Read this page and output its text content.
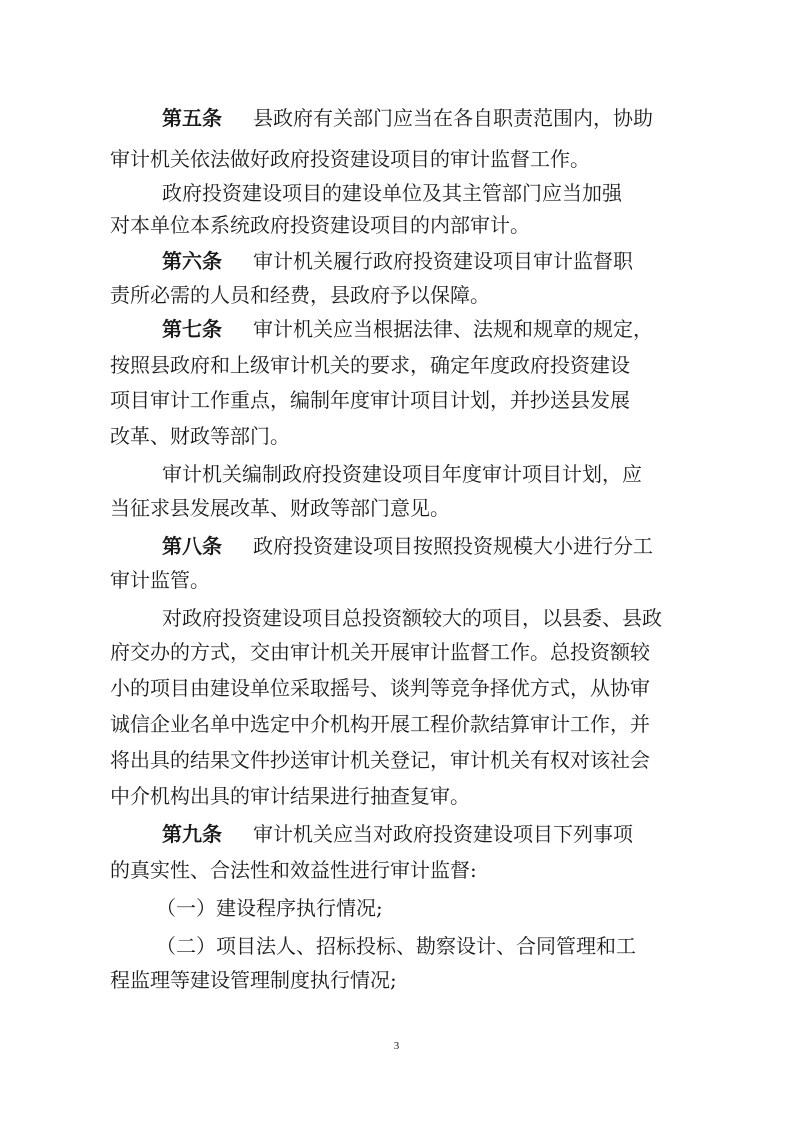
第五条 县政府有关部门应当在各自职责范围内，协助
审计机关依法做好政府投资建设项目的审计监督工作。
政府投资建设项目的建设单位及其主管部门应当加强
对本单位本系统政府投资建设项目的内部审计。
第六条 审计机关履行政府投资建设项目审计监督职
责所必需的人员和经费，县政府予以保障。
第七条 审计机关应当根据法律、法规和规章的规定，
按照县政府和上级审计机关的要求，确定年度政府投资建设
项目审计工作重点，编制年度审计项目计划，并抄送县发展
改革、财政等部门。
审计机关编制政府投资建设项目年度审计项目计划，应
当征求县发展改革、财政等部门意见。
第八条 政府投资建设项目按照投资规模大小进行分工
审计监管。
对政府投资建设项目总投资额较大的项目，以县委、县政
府交办的方式，交由审计机关开展审计监督工作。总投资额较
小的项目由建设单位采取摇号、谈判等竞争择优方式，从协审
诚信企业名单中选定中介机构开展工程价款结算审计工作，并
将出具的结果文件抄送审计机关登记，审计机关有权对该社会
中介机构出具的审计结果进行抽查复审。
第九条 审计机关应当对政府投资建设项目下列事项
的真实性、合法性和效益性进行审计监督:
（一）建设程序执行情况;
（二）项目法人、招标投标、勘察设计、合同管理和工
程监理等建设管理制度执行情况;
3
